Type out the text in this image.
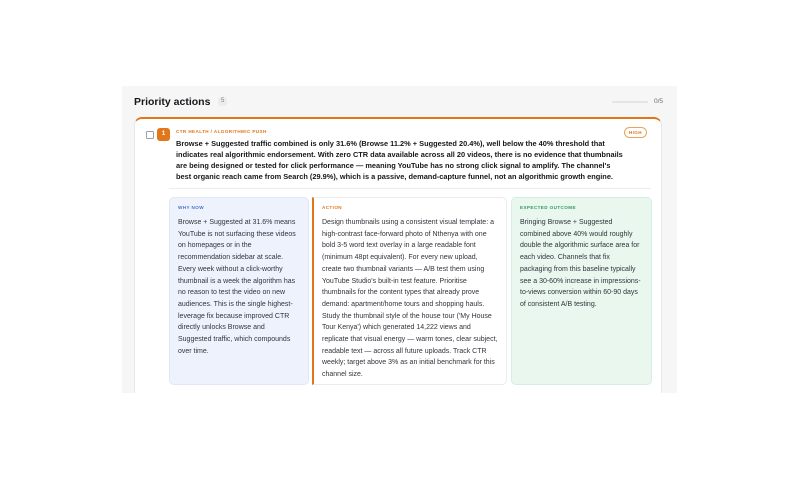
Priority actions	5	0/5
1	CTR HEALTH / ALGORITHMIC PUSH	HIGH
Browse + Suggested traffic combined is only 31.6% (Browse 11.2% + Suggested 20.4%), well below the 40% threshold that indicates real algorithmic endorsement. With zero CTR data available across all 20 videos, there is no evidence that thumbnails are being designed or tested for click performance — meaning YouTube has no strong click signal to amplify. The channel's best organic reach came from Search (29.9%), which is a passive, demand-capture funnel, not an algorithmic growth engine.
WHY NOW
Browse + Suggested at 31.6% means YouTube is not surfacing these videos on homepages or in the recommendation sidebar at scale. Every week without a click-worthy thumbnail is a week the algorithm has no reason to test the video on new audiences. This is the single highest-leverage fix because improved CTR directly unlocks Browse and Suggested traffic, which compounds over time.
ACTION
Design thumbnails using a consistent visual template: a high-contrast face-forward photo of Nthenya with one bold 3-5 word text overlay in a large readable font (minimum 48pt equivalent). For every new upload, create two thumbnail variants — A/B test them using YouTube Studio's built-in test feature. Prioritise thumbnails for the content types that already prove demand: apartment/home tours and shopping hauls. Study the thumbnail style of the house tour ('My House Tour Kenya') which generated 14,222 views and replicate that visual energy — warm tones, clear subject, readable text — across all future uploads. Track CTR weekly; target above 3% as an initial benchmark for this channel size.
EXPECTED OUTCOME
Bringing Browse + Suggested combined above 40% would roughly double the algorithmic surface area for each video. Channels that fix packaging from this baseline typically see a 30-60% increase in impressions-to-views conversion within 60-90 days of consistent A/B testing.
